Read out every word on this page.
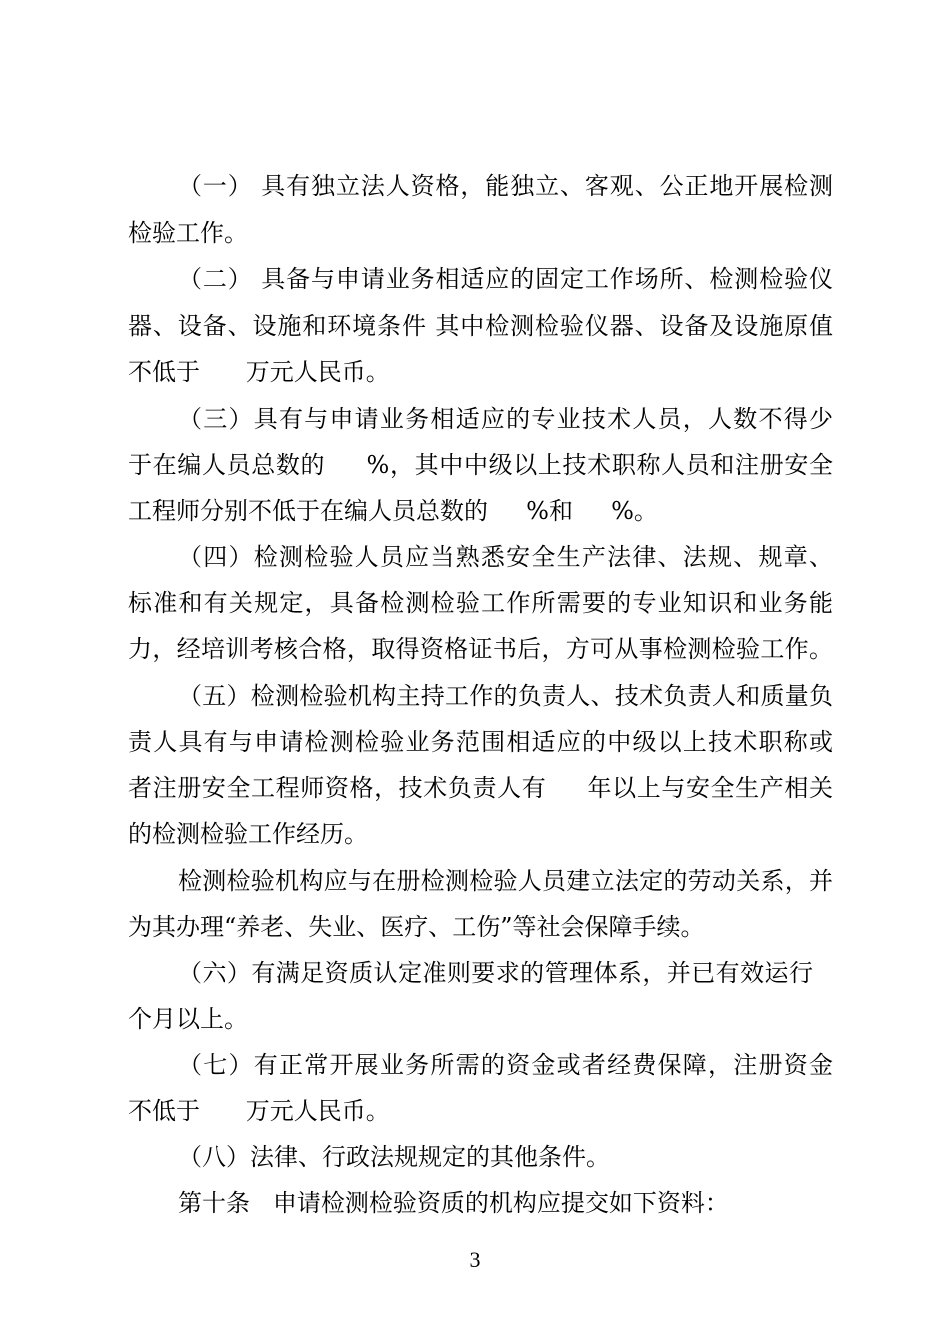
（一） 具有独立法人资格，能独立、客观、公正地开展检测
检验工作。
（二） 具备与申请业务相适应的固定工作场所、检测检验仪
器、设备、设施和环境条件 其中检测检验仪器、设备及设施原值
不低于      万元人民币。
（三）具有与申请业务相适应的专业技术人员，人数不得少
于在编人员总数的     %，其中中级以上技术职称人员和注册安全
工程师分别不低于在编人员总数的     %和     %。
（四）检测检验人员应当熟悉安全生产法律、法规、规章、
标准和有关规定，具备检测检验工作所需要的专业知识和业务能
力，经培训考核合格，取得资格证书后，方可从事检测检验工作。
（五）检测检验机构主持工作的负责人、技术负责人和质量负
责人具有与申请检测检验业务范围相适应的中级以上技术职称或
者注册安全工程师资格，技术负责人有     年以上与安全生产相关
的检测检验工作经历。
检测检验机构应与在册检测检验人员建立法定的劳动关系，并
为其办理“养老、失业、医疗、工伤”等社会保障手续。
（六）有满足资质认定准则要求的管理体系，并已有效运行
个月以上。
（七）有正常开展业务所需的资金或者经费保障，注册资金
不低于      万元人民币。
（八）法律、行政法规规定的其他条件。
第十条   申请检测检验资质的机构应提交如下资料：
3
